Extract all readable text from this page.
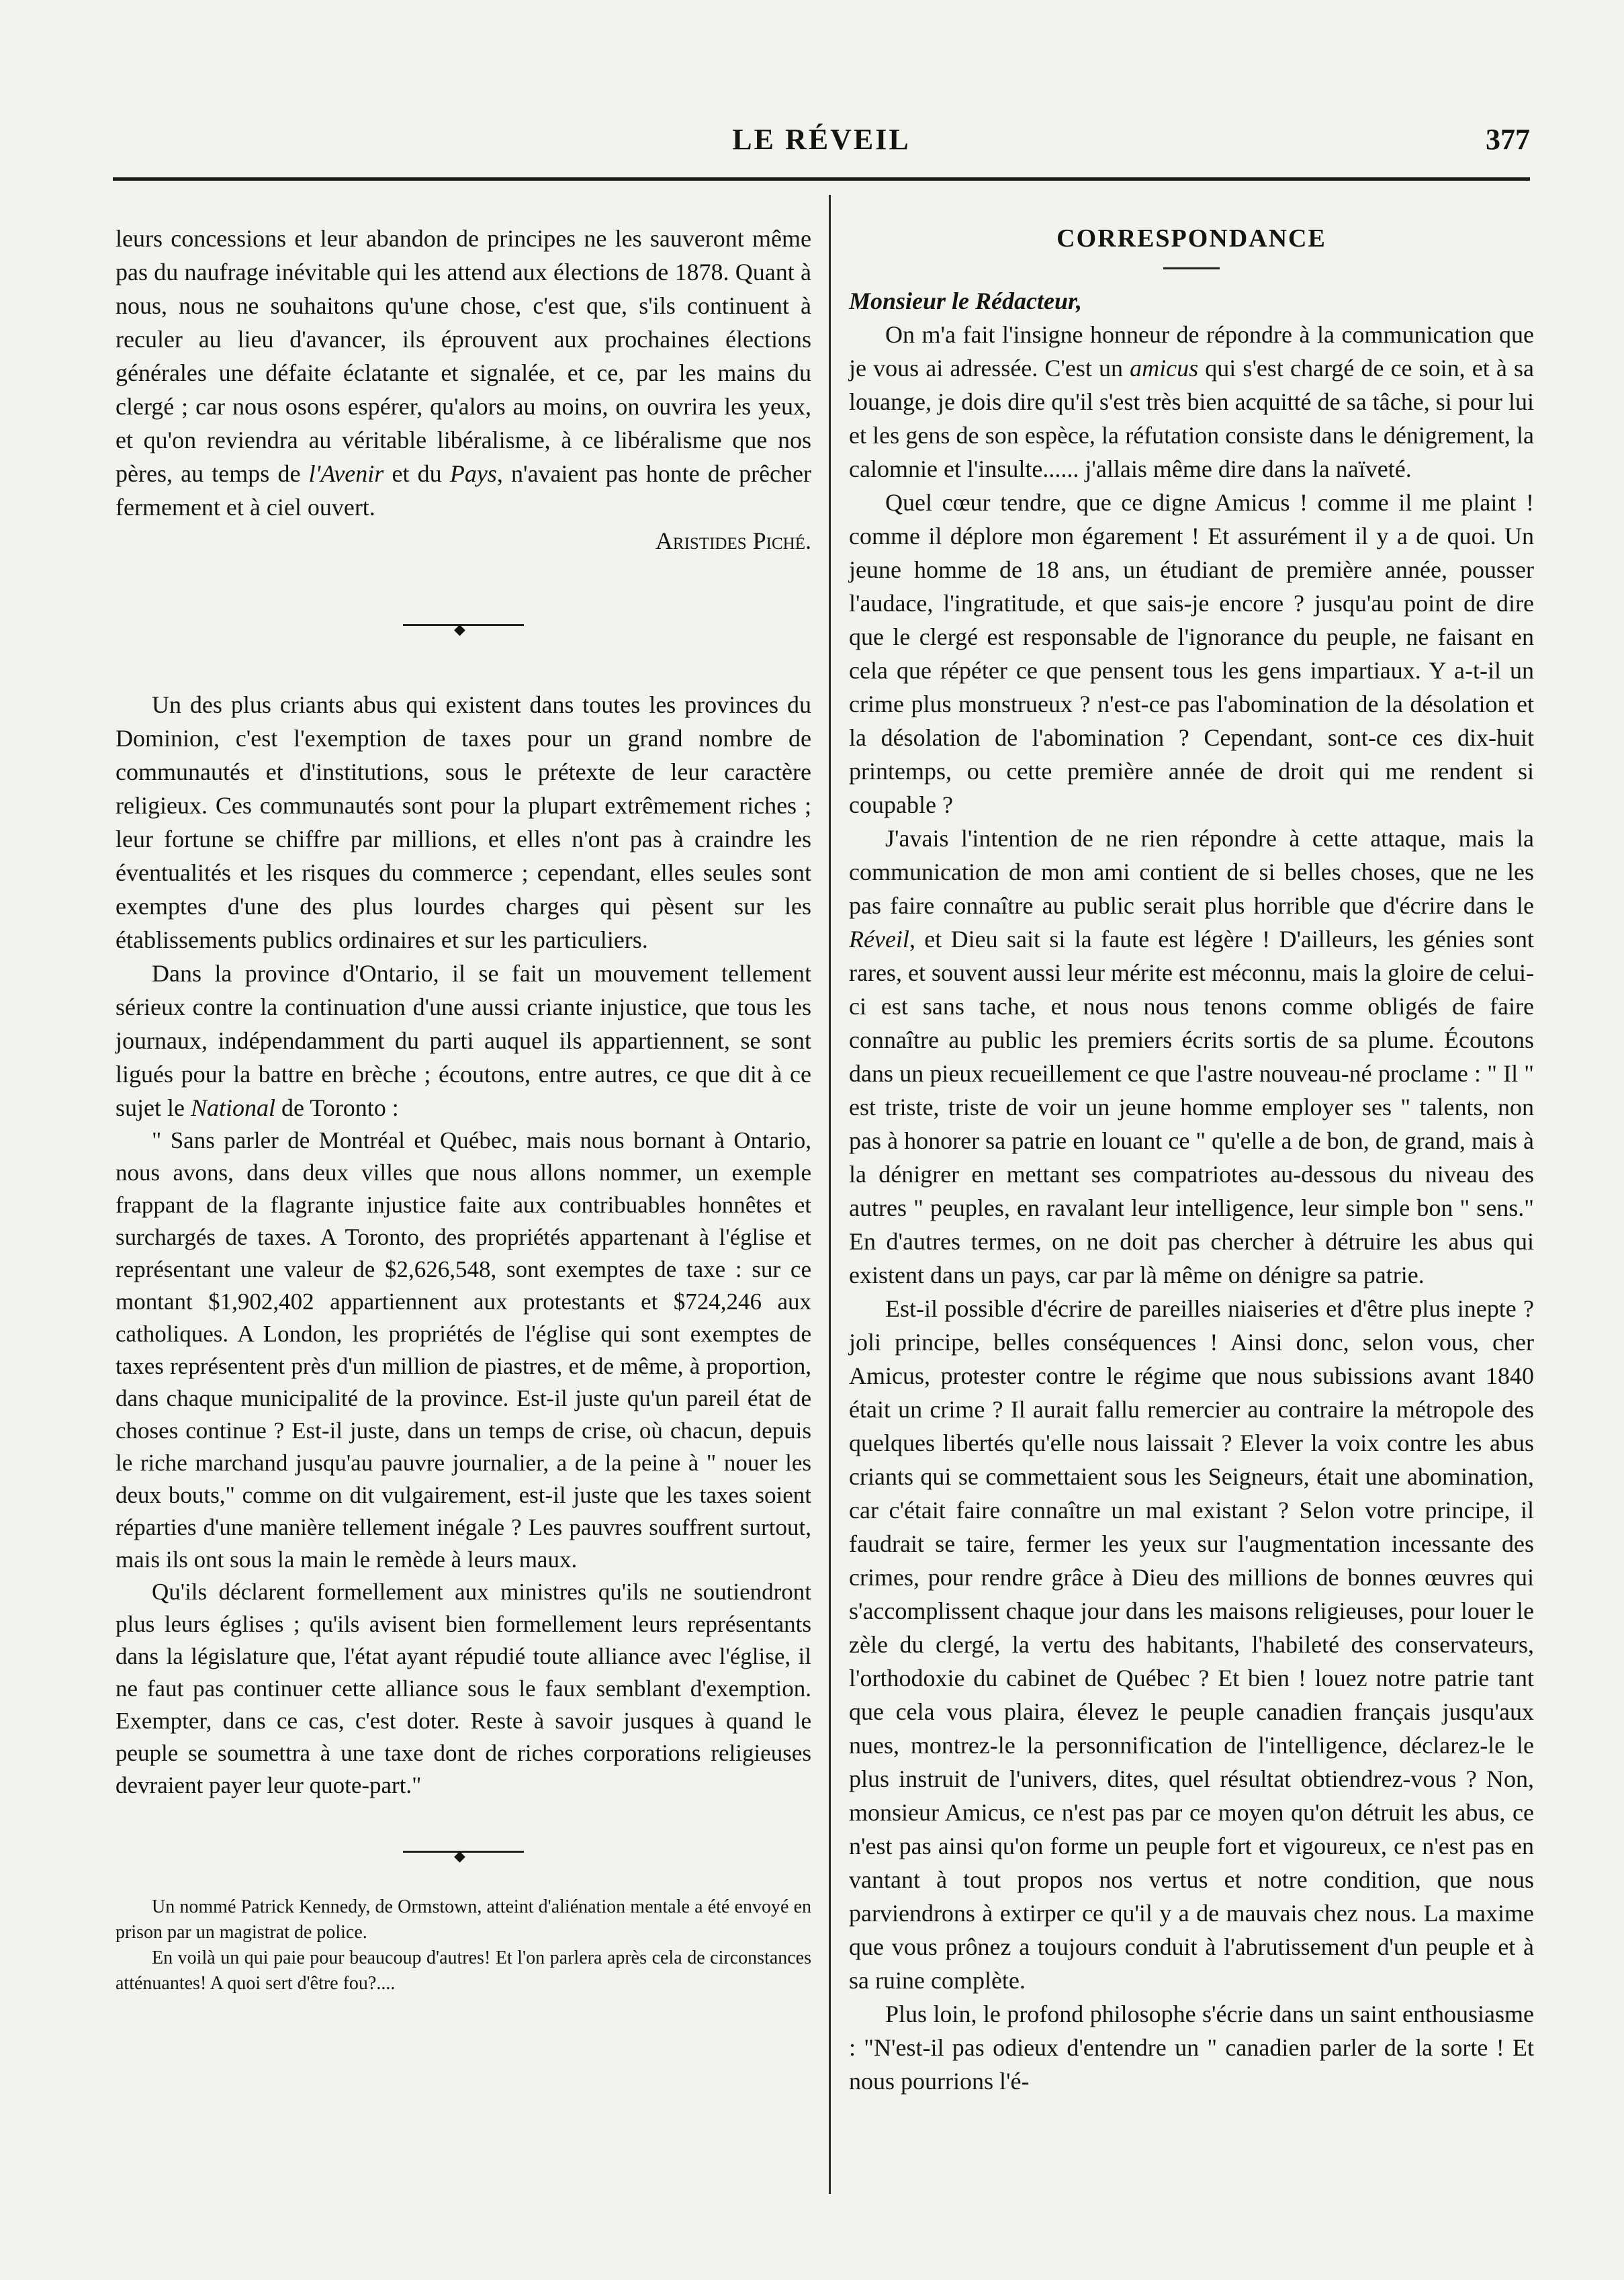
LE RÉVEIL	377

leurs concessions et leur abandon de principes ne les sauveront même pas du naufrage inévitable qui les attend aux élections de 1878. Quant à nous, nous ne souhaitons qu'une chose, c'est que, s'ils continuent à reculer au lieu d'avancer, ils éprouvent aux prochaines élections générales une défaite éclatante et signalée, et ce, par les mains du clergé ; car nous osons espérer, qu'alors au moins, on ouvrira les yeux, et qu'on reviendra au véritable libéralisme, à ce libéralisme que nos pères, au temps de l'Avenir et du Pays, n'avaient pas honte de prêcher fermement et à ciel ouvert.

Aristides Piché.

◆

Un des plus criants abus qui existent dans toutes les provinces du Dominion, c'est l'exemption de taxes pour un grand nombre de communautés et d'institutions, sous le prétexte de leur caractère religieux. Ces communautés sont pour la plupart extrêmement riches ; leur fortune se chiffre par millions, et elles n'ont pas à craindre les éventualités et les risques du commerce ; cependant, elles seules sont exemptes d'une des plus lourdes charges qui pèsent sur les établissements publics ordinaires et sur les particuliers.

Dans la province d'Ontario, il se fait un mouvement tellement sérieux contre la continuation d'une aussi criante injustice, que tous les journaux, indépendamment du parti auquel ils appartiennent, se sont ligués pour la battre en brèche ; écoutons, entre autres, ce que dit à ce sujet le National de Toronto :

" Sans parler de Montréal et Québec, mais nous bornant à Ontario, nous avons, dans deux villes que nous allons nommer, un exemple frappant de la flagrante injustice faite aux contribuables honnêtes et surchargés de taxes. A Toronto, des propriétés appartenant à l'église et représentant une valeur de $2,626,548, sont exemptes de taxe : sur ce montant $1,902,402 appartiennent aux protestants et $724,246 aux catholiques. A London, les propriétés de l'église qui sont exemptes de taxes représentent près d'un million de piastres, et de même, à proportion, dans chaque municipalité de la province. Est-il juste qu'un pareil état de choses continue ? Est-il juste, dans un temps de crise, où chacun, depuis le riche marchand jusqu'au pauvre journalier, a de la peine à " nouer les deux bouts," comme on dit vulgairement, est-il juste que les taxes soient réparties d'une manière tellement inégale ? Les pauvres souffrent surtout, mais ils ont sous la main le remède à leurs maux.

Qu'ils déclarent formellement aux ministres qu'ils ne soutiendront plus leurs églises ; qu'ils avisent bien formellement leurs représentants dans la législature que, l'état ayant répudié toute alliance avec l'église, il ne faut pas continuer cette alliance sous le faux semblant d'exemption. Exempter, dans ce cas, c'est doter. Reste à savoir jusques à quand le peuple se soumettra à une taxe dont de riches corporations religieuses devraient payer leur quote-part."

◆

Un nommé Patrick Kennedy, de Ormstown, atteint d'aliénation mentale a été envoyé en prison par un magistrat de police.

En voilà un qui paie pour beaucoup d'autres! Et l'on parlera après cela de circonstances atténuantes! A quoi sert d'être fou?....

CORRESPONDANCE

Monsieur le Rédacteur,

On m'a fait l'insigne honneur de répondre à la communication que je vous ai adressée. C'est un amicus qui s'est chargé de ce soin, et à sa louange, je dois dire qu'il s'est très bien acquitté de sa tâche, si pour lui et les gens de son espèce, la réfutation consiste dans le dénigrement, la calomnie et l'insulte...... j'allais même dire dans la naïveté.

Quel cœur tendre, que ce digne Amicus ! comme il me plaint ! comme il déplore mon égarement ! Et assurément il y a de quoi. Un jeune homme de 18 ans, un étudiant de première année, pousser l'audace, l'ingratitude, et que sais-je encore ? jusqu'au point de dire que le clergé est responsable de l'ignorance du peuple, ne faisant en cela que répéter ce que pensent tous les gens impartiaux. Y a-t-il un crime plus monstrueux ? n'est-ce pas l'abomination de la désolation et la désolation de l'abomination ? Cependant, sont-ce ces dix-huit printemps, ou cette première année de droit qui me rendent si coupable ?

J'avais l'intention de ne rien répondre à cette attaque, mais la communication de mon ami contient de si belles choses, que ne les pas faire connaître au public serait plus horrible que d'écrire dans le Réveil, et Dieu sait si la faute est légère ! D'ailleurs, les génies sont rares, et souvent aussi leur mérite est méconnu, mais la gloire de celui-ci est sans tache, et nous nous tenons comme obligés de faire connaître au public les premiers écrits sortis de sa plume. Écoutons dans un pieux recueillement ce que l'astre nouveau-né proclame : " Il " est triste, triste de voir un jeune homme employer ses " talents, non pas à honorer sa patrie en louant ce " qu'elle a de bon, de grand, mais à la dénigrer en mettant ses compatriotes au-dessous du niveau des autres " peuples, en ravalant leur intelligence, leur simple bon " sens." En d'autres termes, on ne doit pas chercher à détruire les abus qui existent dans un pays, car par là même on dénigre sa patrie.

Est-il possible d'écrire de pareilles niaiseries et d'être plus inepte ? joli principe, belles conséquences ! Ainsi donc, selon vous, cher Amicus, protester contre le régime que nous subissions avant 1840 était un crime ? Il aurait fallu remercier au contraire la métropole des quelques libertés qu'elle nous laissait ? Elever la voix contre les abus criants qui se commettaient sous les Seigneurs, était une abomination, car c'était faire connaître un mal existant ? Selon votre principe, il faudrait se taire, fermer les yeux sur l'augmentation incessante des crimes, pour rendre grâce à Dieu des millions de bonnes œuvres qui s'accomplissent chaque jour dans les maisons religieuses, pour louer le zèle du clergé, la vertu des habitants, l'habileté des conservateurs, l'orthodoxie du cabinet de Québec ? Et bien ! louez notre patrie tant que cela vous plaira, élevez le peuple canadien français jusqu'aux nues, montrez-le la personnification de l'intelligence, déclarez-le le plus instruit de l'univers, dites, quel résultat obtiendrez-vous ? Non, monsieur Amicus, ce n'est pas par ce moyen qu'on détruit les abus, ce n'est pas ainsi qu'on forme un peuple fort et vigoureux, ce n'est pas en vantant à tout propos nos vertus et notre condition, que nous parviendrons à extirper ce qu'il y a de mauvais chez nous. La maxime que vous prônez a toujours conduit à l'abrutissement d'un peuple et à sa ruine complète.

Plus loin, le profond philosophe s'écrie dans un saint enthousiasme : "N'est-il pas odieux d'entendre un " canadien parler de la sorte ! Et nous pourrions l'é-
